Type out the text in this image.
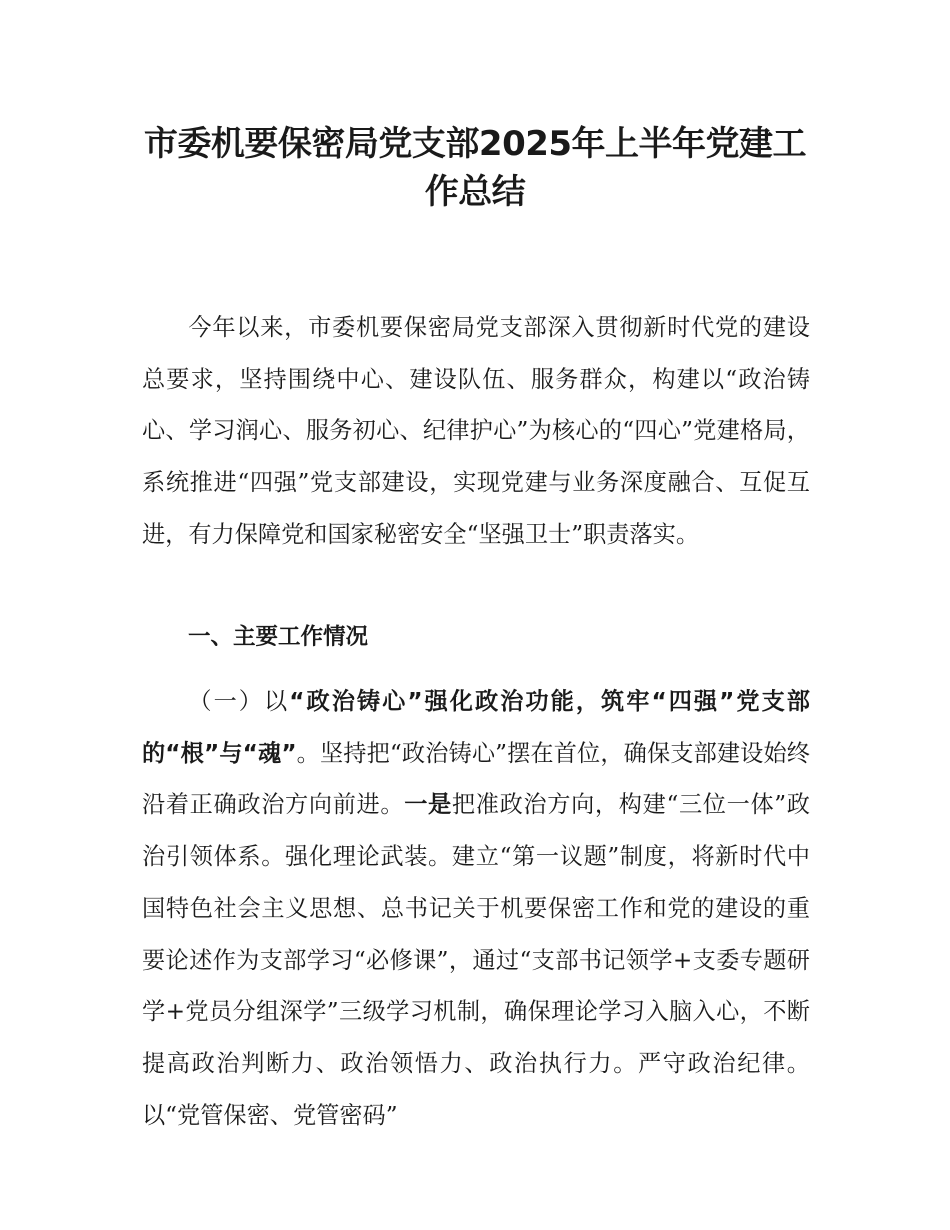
市委机要保密局党支部2025年上半年党建工作总结

今年以来，市委机要保密局党支部深入贯彻新时代党的建设总要求，坚持围绕中心、建设队伍、服务群众，构建以“政治铸心、学习润心、服务初心、纪律护心”为核心的“四心”党建格局，系统推进“四强”党支部建设，实现党建与业务深度融合、互促互进，有力保障党和国家秘密安全“坚强卫士”职责落实。

一、主要工作情况

（一）以“政治铸心”强化政治功能，筑牢“四强”党支部的“根”与“魂”。坚持把“政治铸心”摆在首位，确保支部建设始终沿着正确政治方向前进。一是把准政治方向，构建“三位一体”政治引领体系。强化理论武装。建立“第一议题”制度，将新时代中国特色社会主义思想、总书记关于机要保密工作和党的建设的重要论述作为支部学习“必修课”，通过“支部书记领学+支委专题研学+党员分组深学”三级学习机制，确保理论学习入脑入心，不断提高政治判断力、政治领悟力、政治执行力。严守政治纪律。以“党管保密、党管密码”
